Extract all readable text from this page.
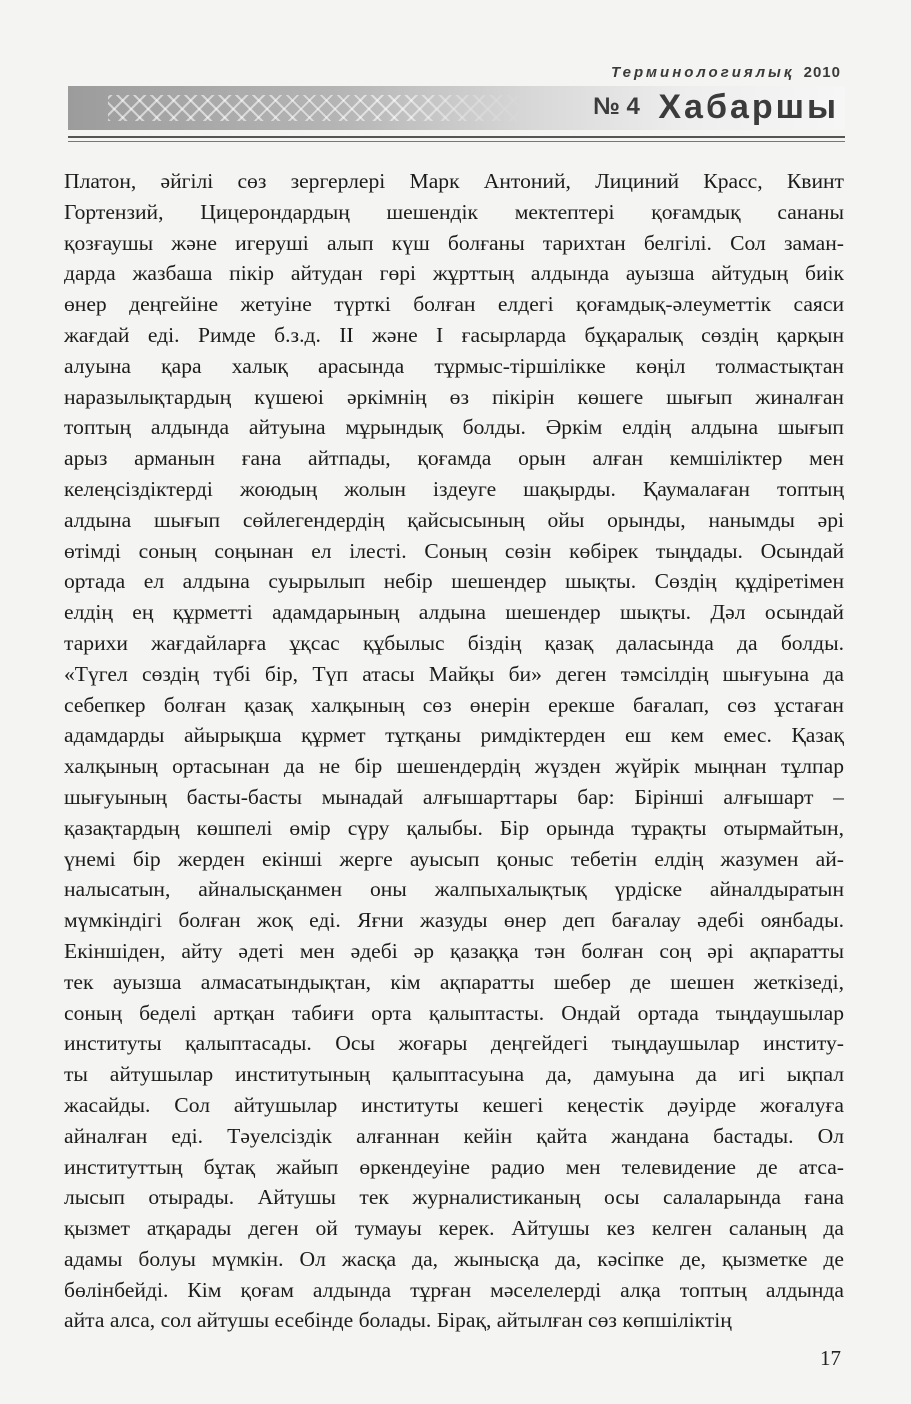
Терминологиялық 2010
№ 4 Хабаршы
Платон, әйгілі сөз зергерлері Марк Антоний, Лициний Красс, Квинт
Гортензий, Цицерондардың шешендік мектептері қоғамдық сананы
қозғаушы және игеруші алып күш болғаны тарихтан белгілі. Сол заман-
дарда жазбаша пікір айтудан гөрі жұрттың алдында ауызша айтудың биік
өнер деңгейіне жетуіне түрткі болған елдегі қоғамдық-әлеуметтік саяси
жағдай еді. Римде б.з.д. II және I ғасырларда бұқаралық сөздің қарқын
алуына қара халық арасында тұрмыс-тіршілікке көңіл толмастықтан
наразылықтардың күшеюі әркімнің өз пікірін көшеге шығып жиналған
топтың алдында айтуына мұрындық болды. Әркім елдің алдына шығып
арыз арманын ғана айтпады, қоғамда орын алған кемшіліктер мен
келеңсіздіктерді жоюдың жолын іздеуге шақырды. Қаумалаған топтың
алдына шығып сөйлегендердің қайсысының ойы орынды, нанымды әрі
өтімді соның соңынан ел ілесті. Соның сөзін көбірек тыңдады. Осындай
ортада ел алдына суырылып небір шешендер шықты. Сөздің құдіретімен
елдің ең құрметті адамдарының алдына шешендер шықты. Дәл осындай
тарихи жағдайларға ұқсас құбылыс біздің қазақ даласында да болды.
«Түгел сөздің түбі бір, Түп атасы Майқы би» деген тәмсілдің шығуына да
себепкер болған қазақ халқының сөз өнерін ерекше бағалап, сөз ұстаған
адамдарды айырықша құрмет тұтқаны римдіктерден еш кем емес. Қазақ
халқының ортасынан да не бір шешендердің жүзден жүйрік мыңнан тұлпар
шығуының басты-басты мынадай алғышарттары бар: Бірінші алғышарт –
қазақтардың көшпелі өмір сүру қалыбы. Бір орында тұрақты отырмайтын,
үнемі бір жерден екінші жерге ауысып қоныс тебетін елдің жазумен ай-
налысатын, айналысқанмен оны жалпыхалықтық үрдіске айналдыратын
мүмкіндігі болған жоқ еді. Яғни жазуды өнер деп бағалау әдебі оянбады.
Екіншіден, айту әдеті мен әдебі әр қазаққа тән болған соң әрі ақпаратты
тек ауызша алмасатындықтан, кім ақпаратты шебер де шешен жеткізеді,
соның беделі артқан табиғи орта қалыптасты. Ондай ортада тыңдаушылар
институты қалыптасады. Осы жоғары деңгейдегі тыңдаушылар институ-
ты айтушылар институтының қалыптасуына да, дамуына да игі ықпал
жасайды. Сол айтушылар институты кешегі кеңестік дәуірде жоғалуға
айналған еді. Тәуелсіздік алғаннан кейін қайта жандана бастады. Ол
институттың бұтақ жайып өркендеуіне радио мен телевидение де атса-
лысып отырады. Айтушы тек журналистиканың осы салаларында ғана
қызмет атқарады деген ой тумауы керек. Айтушы кез келген саланың да
адамы болуы мүмкін. Ол жасқа да, жынысқа да, кәсіпке де, қызметке де
бөлінбейді. Кім қоғам алдында тұрған мәселелерді алқа топтың алдында
айта алса, сол айтушы есебінде болады. Бірақ, айтылған сөз көпшіліктің
17
